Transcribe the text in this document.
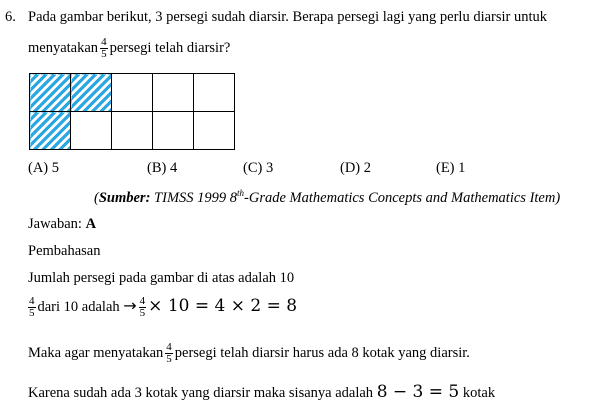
6. Pada gambar berikut, 3 persegi sudah diarsir. Berapa persegi lagi yang perlu diarsir untuk
menyatakan $\frac{4}{5}$ persegi telah diarsir?

(A) 5	(B) 4	(C) 3	(D) 2	(E) 1
(Sumber: TIMSS 1999 8th-Grade Mathematics Concepts and Mathematics Item)
Jawaban: A
Pembahasan
Jumlah persegi pada gambar di atas adalah 10
$\frac{4}{5}$ dari 10 adalah → $\frac{4}{5} \times 10 = 4 \times 2 = 8$
Maka agar menyatakan $\frac{4}{5}$ persegi telah diarsir harus ada 8 kotak yang diarsir.
Karena sudah ada 3 kotak yang diarsir maka sisanya adalah 8 − 3 = 5 kotak
